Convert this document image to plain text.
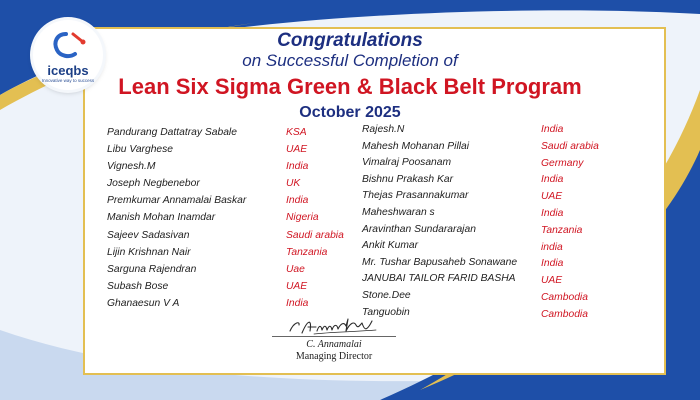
iceqbs
Innovative way to success
Congratulations
on Successful Completion of
Lean Six Sigma Green & Black Belt Program
October 2025
Pandurang Dattatray Sabale
Libu Varghese
Vignesh.M
Joseph Negbenebor
Premkumar Annamalai Baskar
Manish Mohan Inamdar
Sajeev Sadasivan
Lijin Krishnan Nair
Sarguna Rajendran
Subash Bose
Ghanaesun V A
KSA
UAE
India
UK
India
Nigeria
Saudi arabia
Tanzania
Uae
UAE
India
Rajesh.N
Mahesh Mohanan Pillai
Vimalraj Poosanam
Bishnu Prakash Kar
Thejas Prasannakumar
Maheshwaran s
Aravinthan Sundararajan
Ankit Kumar
Mr. Tushar Bapusaheb Sonawane
JANUBAI TAILOR FARID BASHA
Stone.Dee
Tanguobin
India
Saudi arabia
Germany
India
UAE
India
Tanzania
india
India
UAE
Cambodia
Cambodia
C. Annamalai
Managing Director
